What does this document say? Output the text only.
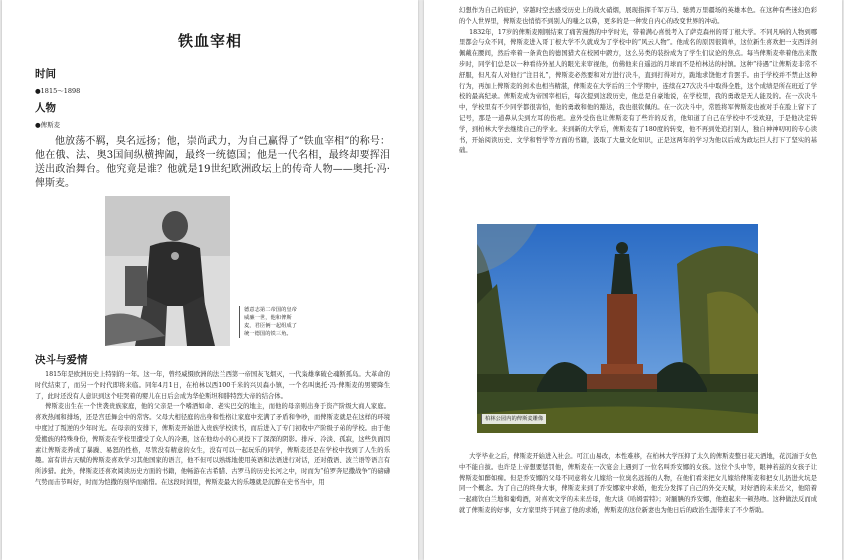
铁血宰相
时间
●1815～1898
人物
●俾斯麦
他放荡不羁，臭名远扬；他，崇尚武力，为自己赢得了“铁血宰相”的称号：他在俄、法、奥3国间纵横捭阖，最终一统德国；他是一代名相，最终却要挥泪送出政治舞台。他究竟是谁？他就是19世纪欧洲政坛上的传奇人物——奥托·冯·俾斯麦。
德意志第二帝国的皇帝威廉一世，他和俾斯麦，君臣俩一起组成了统一德国的铁三角。
决斗与爱情

1815年是欧洲历史上特别的一年。这一年，曾经威慑欧洲的法兰西第一帝国灰飞烟灭，一代枭雄拿破仑魂断孤岛。大革命的时代结束了，而另一个时代即将来临。同年4月1日，在柏林以西100千米的兴贝森小镇，一个名叫奥托·冯·俾斯麦的男婴降生了，此时还没有人意识到这个哇哭着的婴儿在日后会成为华伦斯坦和腓特烈大帝的结合体。

俾斯麦出生在一个世袭贵族家庭，他的父亲是一个嗜酒如命、老实巴交的地主，而他的母亲则出身于资产阶级大商人家庭。喜欢热闹和排场，还是宫廷舞会中的常客。父母大相径庭的出身和性格让家庭中充满了矛盾和争吵，而俾斯麦就是在这样的环境中度过了叛逆的少年时光。在母亲的安排下，俾斯麦开始进入贵族学校读书，而后进入了专门初收中产阶级子弟的学校。由于他爱搬族的特殊身份，俾斯麦在学校里遭受了众人的冷遇，这在他幼小的心灵投下了深深的阴影。排斥、冷淡、孤寂，这些负面因素让俾斯麦养成了暴躁、易怒的性格，尽管没有精意的女生，没有可以一起玩乐的同学，俾斯麦还是在学校中找到了人生的乐趣。富有讲古天赋的俾斯麦喜欢学习其他国家的语言，他不但可以熟练地使用英语和法语进行对话，还对俄语、波兰语等语言有所涉猎。此外，俾斯麦还喜欢阅读历史方面的书籍，他畅游在古希腊、古罗马的历史长河之中，时而为“伯罗奔尼撒战争”的磅礴气势而击节叫好，时而为恺撒的刻毕而痛惜。在这段时间里，俾斯麦最大的乐趣就是沉醉在史书当中，用

幻想作为自己的庇护，穿越时空去感受历史上的战火硝烟，展现指挥千军万马、驰骋万里疆场的英雄本色。在这种有些迷幻色彩的个人世界里，俾斯麦也悄悄不到别人的嗤之以鼻，更多的是一种发自内心的改变世界的冲动。

1832年，17岁的俾斯麦刚刚结束了痛苦漫熬的中学时光，带着满心喜悦考入了萨克森州的哥丁根大学。不同凡响的人物到哪里都会与众不同，俾斯麦进入哥丁根大学不久就成为了学校中的“风云人物”。他成名的原因很简单，这位新生喜欢把一支西洋剑佩戴在腰间，然后牵着一条黄色的德国猎犬在校园中踱方，这么另类的装扮成为了学生们议论的焦点。每当俾斯麦牵着他出来散步时，同学们总是以一种看待外星人的眼光来审视他，仿佛他来自遥远的月球而不是柏林达的村镇。这种“待遇”让俾斯麦非常不舒服，但凡有人对他行“注目礼”，俾斯麦必然要和对方进行决斗，直到打得对方，跪地求饶他才肯罢手。由于学校并不禁止这种行为，再加上俾斯麦的剑术也相当精湛，俾斯麦在大学后的三个学期中，连续在27次决斗中取得全胜，这个成绩是所在班近了学校的最高纪录。俾斯麦成为帝国宰相后，每次提到这段历史，他总是自豪地说，在学校里，我的勇敢是无人能及的。在一次决斗中，学校里有不少同学都很害怕，他的勇敢和他的豁达，我也很钦佩的。在一次决斗中，常胜将军俾斯麦也被对手在脸上留下了记号，那是一道鼻从尖到左耳的伤疤。意外受伤也让俾斯麦有了些许的反省，他知道了自己在学校中不受欢迎，于是他决定转学，到柏林大学去继续自己的学业。来到新的大学后，俾斯麦有了180度的转变，他不再到处追打别人，独自神神叨叨的专心读书，开始阅读历史、文学和哲学等方面的书籍，汲取了大量文化知识，正是这两年的学习为他以后成为政坛巨人打下了坚实的基础。

柏林公园内的俾斯麦雕像

大学毕业之后，俾斯麦开始进入社会。可江山易改，本性难移，在柏林大学压抑了太久的俾斯麦整日花天酒地，花沉湎于女色中不能自拔。也许是上帝想要惩罚他，俾斯麦在一次宴会上遇到了一位名叫乔安娜的女孩。这位个头中等，眼神若兹的女孩子让俾斯麦如醉如痴。但是乔安娜的父母不同意将女儿嫁给一位臭名远扬的人物，在他们看来把女儿嫁给俾斯麦和把女儿扔进火坑是同一个概念。为了自己的终身大事，俾斯麦来到了乔安娜家中求婚，他充分发挥了自己的外交天赋，对好酒的未来岳父，他陪着一起痛饮白兰地和葡萄酒，对喜欢文学的未来岳母，他大谈《哈姆雷特》；对腼腆的乔安娜，他抱起来一顿热吻。这种做法反而成就了俾斯麦的好事，女方家里终于同意了他的求婚，俾斯麦的这位新妻也为他日后的政治生涯带来了不少帮助。
